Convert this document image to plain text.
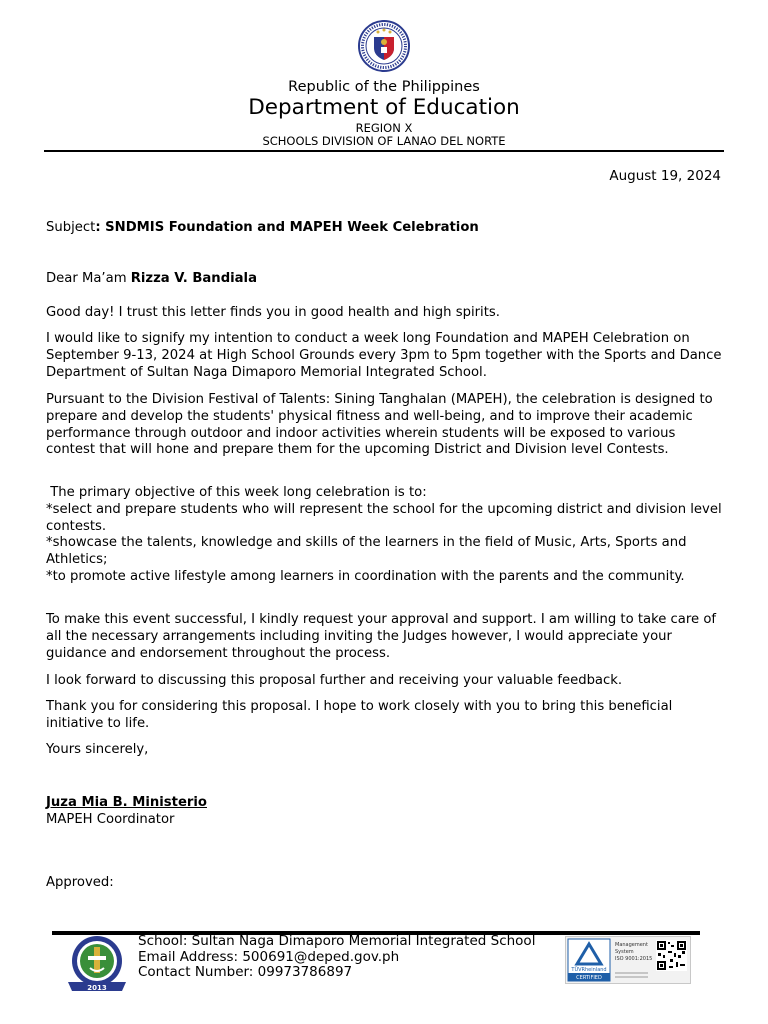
Republic of the Philippines
Department of Education
REGION X
SCHOOLS DIVISION OF LANAO DEL NORTE
August 19, 2024
Subject: SNDMIS Foundation and MAPEH Week Celebration
Dear Ma’am Rizza V. Bandiala

Good day! I trust this letter finds you in good health and high spirits.

I would like to signify my intention to conduct a week long Foundation and MAPEH Celebration on September 9-13, 2024 at High School Grounds every 3pm to 5pm together with the Sports and Dance Department of Sultan Naga Dimaporo Memorial Integrated School.

Pursuant to the Division Festival of Talents: Sining Tanghalan (MAPEH), the celebration is designed to prepare and develop the students' physical fitness and well-being, and to improve their academic performance through outdoor and indoor activities wherein students will be exposed to various contest that will hone and prepare them for the upcoming District and Division level Contests.

The primary objective of this week long celebration is to:
*select and prepare students who will represent the school for the upcoming district and division level contests.
*showcase the talents, knowledge and skills of the learners in the field of Music, Arts, Sports and Athletics;
*to promote active lifestyle among learners in coordination with the parents and the community.

To make this event successful, I kindly request your approval and support. I am willing to take care of all the necessary arrangements including inviting the Judges however, I would appreciate your guidance and endorsement throughout the process.

I look forward to discussing this proposal further and receiving your valuable feedback.

Thank you for considering this proposal. I hope to work closely with you to bring this beneficial initiative to life.

Yours sincerely,
Juza Mia B. Ministerio
MAPEH Coordinator
Approved:
2013
School: Sultan Naga Dimaporo Memorial Integrated School
Email Address: 500691@deped.gov.ph
Contact Number: 09973786897	TÜVRheinland
CERTIFIED
Management
System
ISO 9001:2015
